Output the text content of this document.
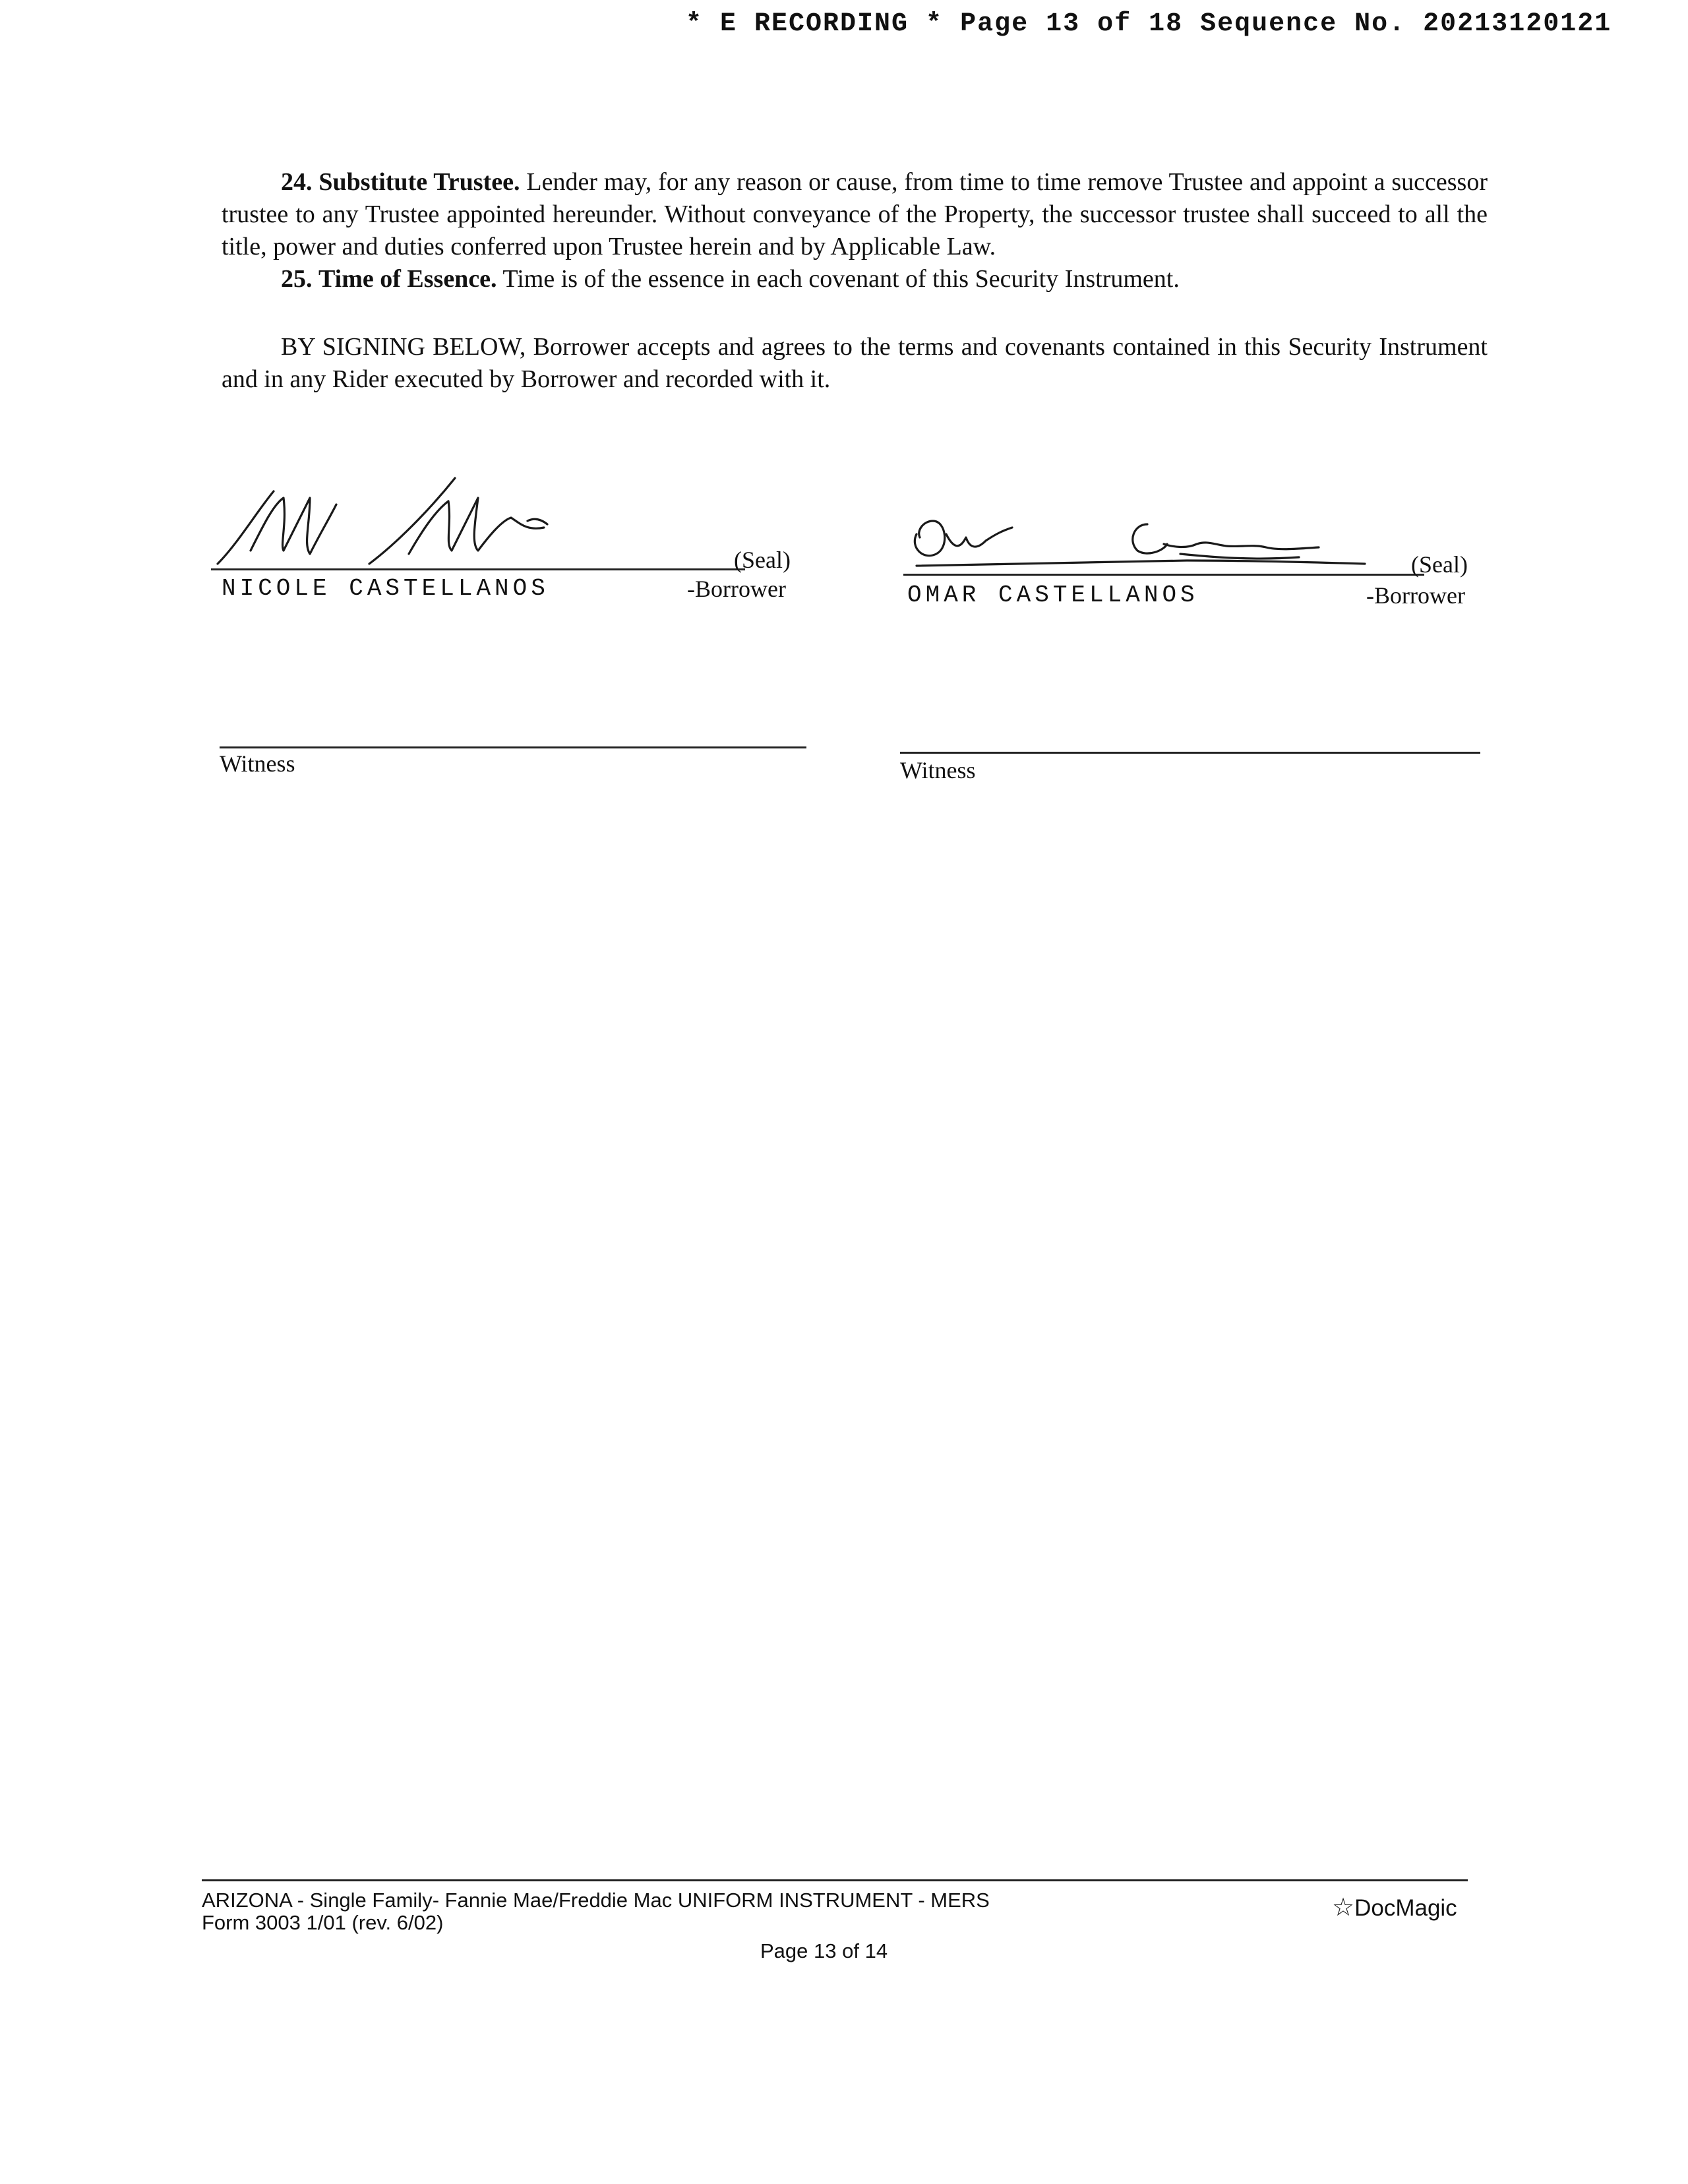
* E RECORDING * Page 13 of 18 Sequence No. 20213120121
24. Substitute Trustee. Lender may, for any reason or cause, from time to time remove Trustee and appoint a successor trustee to any Trustee appointed hereunder. Without conveyance of the Property, the successor trustee shall succeed to all the title, power and duties conferred upon Trustee herein and by Applicable Law.
25. Time of Essence. Time is of the essence in each covenant of this Security Instrument.
BY SIGNING BELOW, Borrower accepts and agrees to the terms and covenants contained in this Security Instrument and in any Rider executed by Borrower and recorded with it.
(Seal)
NICOLE CASTELLANOS	-Borrower
(Seal)
OMAR CASTELLANOS	-Borrower
Witness	Witness
ARIZONA - Single Family- Fannie Mae/Freddie Mac UNIFORM INSTRUMENT - MERS
Form 3003 1/01 (rev. 6/02)
Page 13 of 14
☆DocMagic
